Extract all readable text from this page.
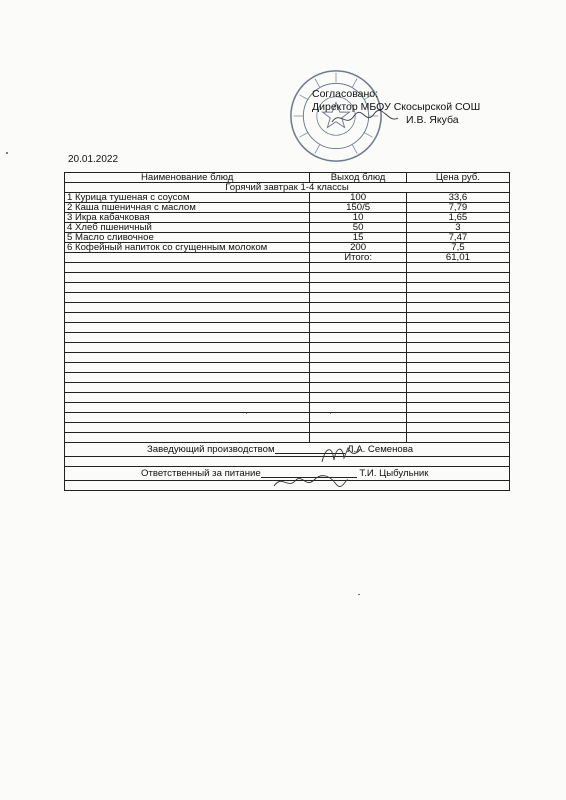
Согласовано:
Директор МБОУ Скосырской СОШ
И.В. Якуба
20.01.2022
Наименование блюд	Выход блюд	Цена руб.
Горячий завтрак 1-4 классы		
1 Курица тушеная с соусом	100	33,6
2 Каша пшеничная с маслом	150/5	7,79
3 Икра кабачковая	10	1,65
4 Хлеб пшеничный	50	3
5 Масло сливочное	15	7,47
6 Кофейный напиток со сгущенным молоком	200	7,5
	Итого:	61,01

Заведующий производством Л.А. Семенова		

Ответственный за питание Т.И. Цыбульник		
